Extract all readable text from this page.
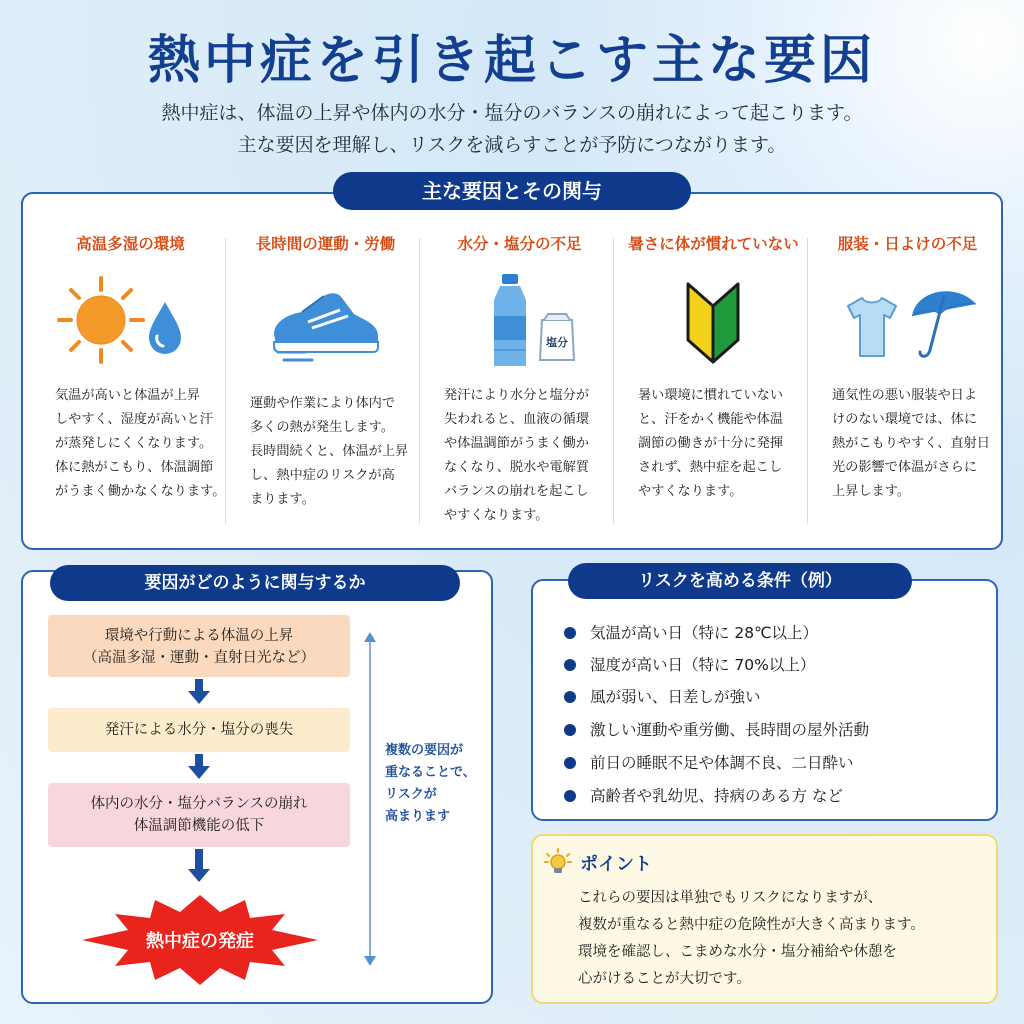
熱中症を引き起こす主な要因
熱中症は、体温の上昇や体内の水分・塩分のバランスの崩れによって起こります。
主な要因を理解し、リスクを減らすことが予防につながります。
高温多湿の環境
気温が高いと体温が上昇
しやすく、湿度が高いと汗
が蒸発しにくくなります。
体に熱がこもり、体温調節
がうまく働かなくなります。
長時間の運動・労働
運動や作業により体内で
多くの熱が発生します。
長時間続くと、体温が上昇
し、熱中症のリスクが高
まります。
水分・塩分の不足
塩分
発汗により水分と塩分が
失われると、血液の循環
や体温調節がうまく働か
なくなり、脱水や電解質
バランスの崩れを起こし
やすくなります。
暑さに体が慣れていない
暑い環境に慣れていない
と、汗をかく機能や体温
調節の働きが十分に発揮
されず、熱中症を起こし
やすくなります。
服装・日よけの不足
通気性の悪い服装や日よ
けのない環境では、体に
熱がこもりやすく、直射日
光の影響で体温がさらに
上昇します。
主な要因とその関与
要因がどのように関与するか
環境や行動による体温の上昇
（高温多湿・運動・直射日光など）
発汗による水分・塩分の喪失
体内の水分・塩分バランスの崩れ
体温調節機能の低下
熱中症の発症
複数の要因が
重なることで、
リスクが
高まります
リスクを高める条件（例）
気温が高い日（特に 28℃以上）
湿度が高い日（特に 70%以上）
風が弱い、日差しが強い
激しい運動や重労働、長時間の屋外活動
前日の睡眠不足や体調不良、二日酔い
高齢者や乳幼児、持病のある方 など
ポイント
これらの要因は単独でもリスクになりますが、
複数が重なると熱中症の危険性が大きく高まります。
環境を確認し、こまめな水分・塩分補給や休憩を
心がけることが大切です。
